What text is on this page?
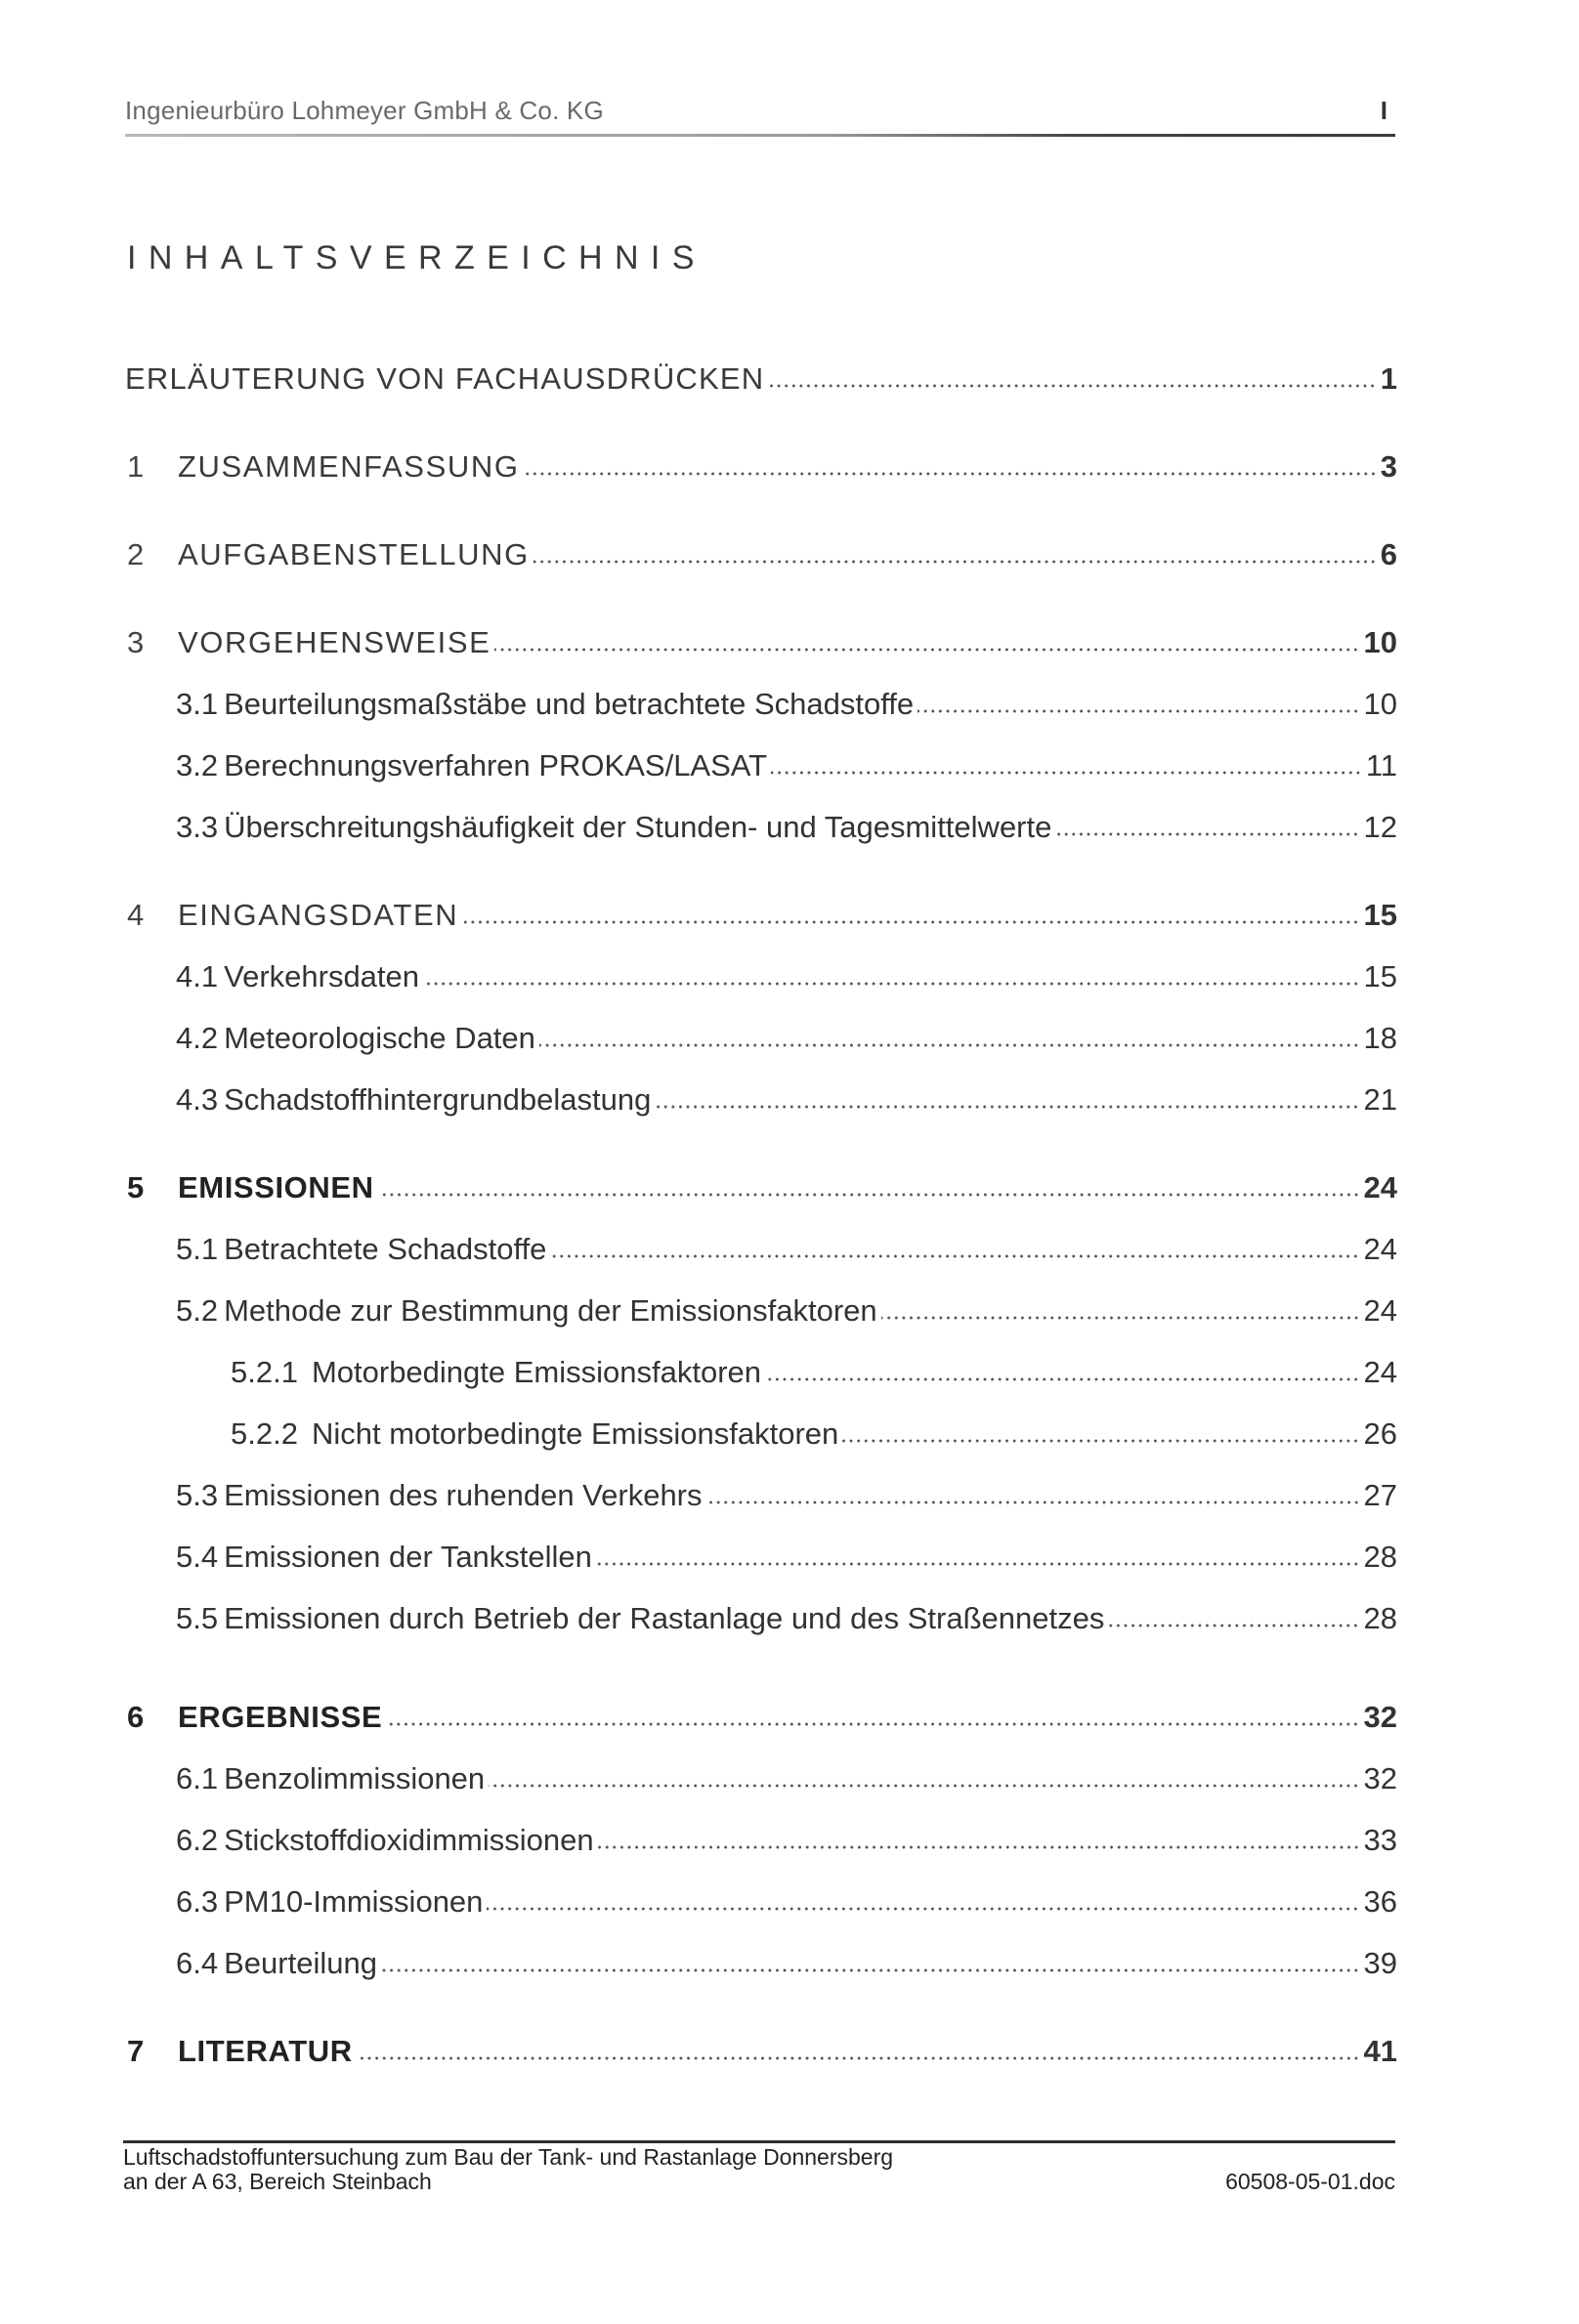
Ingenieurbüro Lohmeyer GmbH & Co. KG	I
INHALTSVERZEICHNIS
ERLÄUTERUNG VON FACHAUSDRÜCKEN	1
1	ZUSAMMENFASSUNG	3
2	AUFGABENSTELLUNG	6
3	VORGEHENSWEISE	10
3.1 Beurteilungsmaßstäbe und betrachtete Schadstoffe	10
3.2 Berechnungsverfahren PROKAS/LASAT	11
3.3 Überschreitungshäufigkeit der Stunden- und Tagesmittelwerte	12
4	EINGANGSDATEN	15
4.1 Verkehrsdaten	15
4.2 Meteorologische Daten	18
4.3 Schadstoffhintergrundbelastung	21
5	EMISSIONEN	24
5.1 Betrachtete Schadstoffe	24
5.2 Methode zur Bestimmung der Emissionsfaktoren	24
5.2.1 Motorbedingte Emissionsfaktoren	24
5.2.2 Nicht motorbedingte Emissionsfaktoren	26
5.3 Emissionen des ruhenden Verkehrs	27
5.4 Emissionen der Tankstellen	28
5.5 Emissionen durch Betrieb der Rastanlage und des Straßennetzes	28
6	ERGEBNISSE	32
6.1 Benzolimmissionen	32
6.2 Stickstoffdioxidimmissionen	33
6.3 PM10-Immissionen	36
6.4 Beurteilung	39
7	LITERATUR	41
Luftschadstoffuntersuchung zum Bau der Tank- und Rastanlage Donnersberg
an der A 63, Bereich Steinbach	60508-05-01.doc
